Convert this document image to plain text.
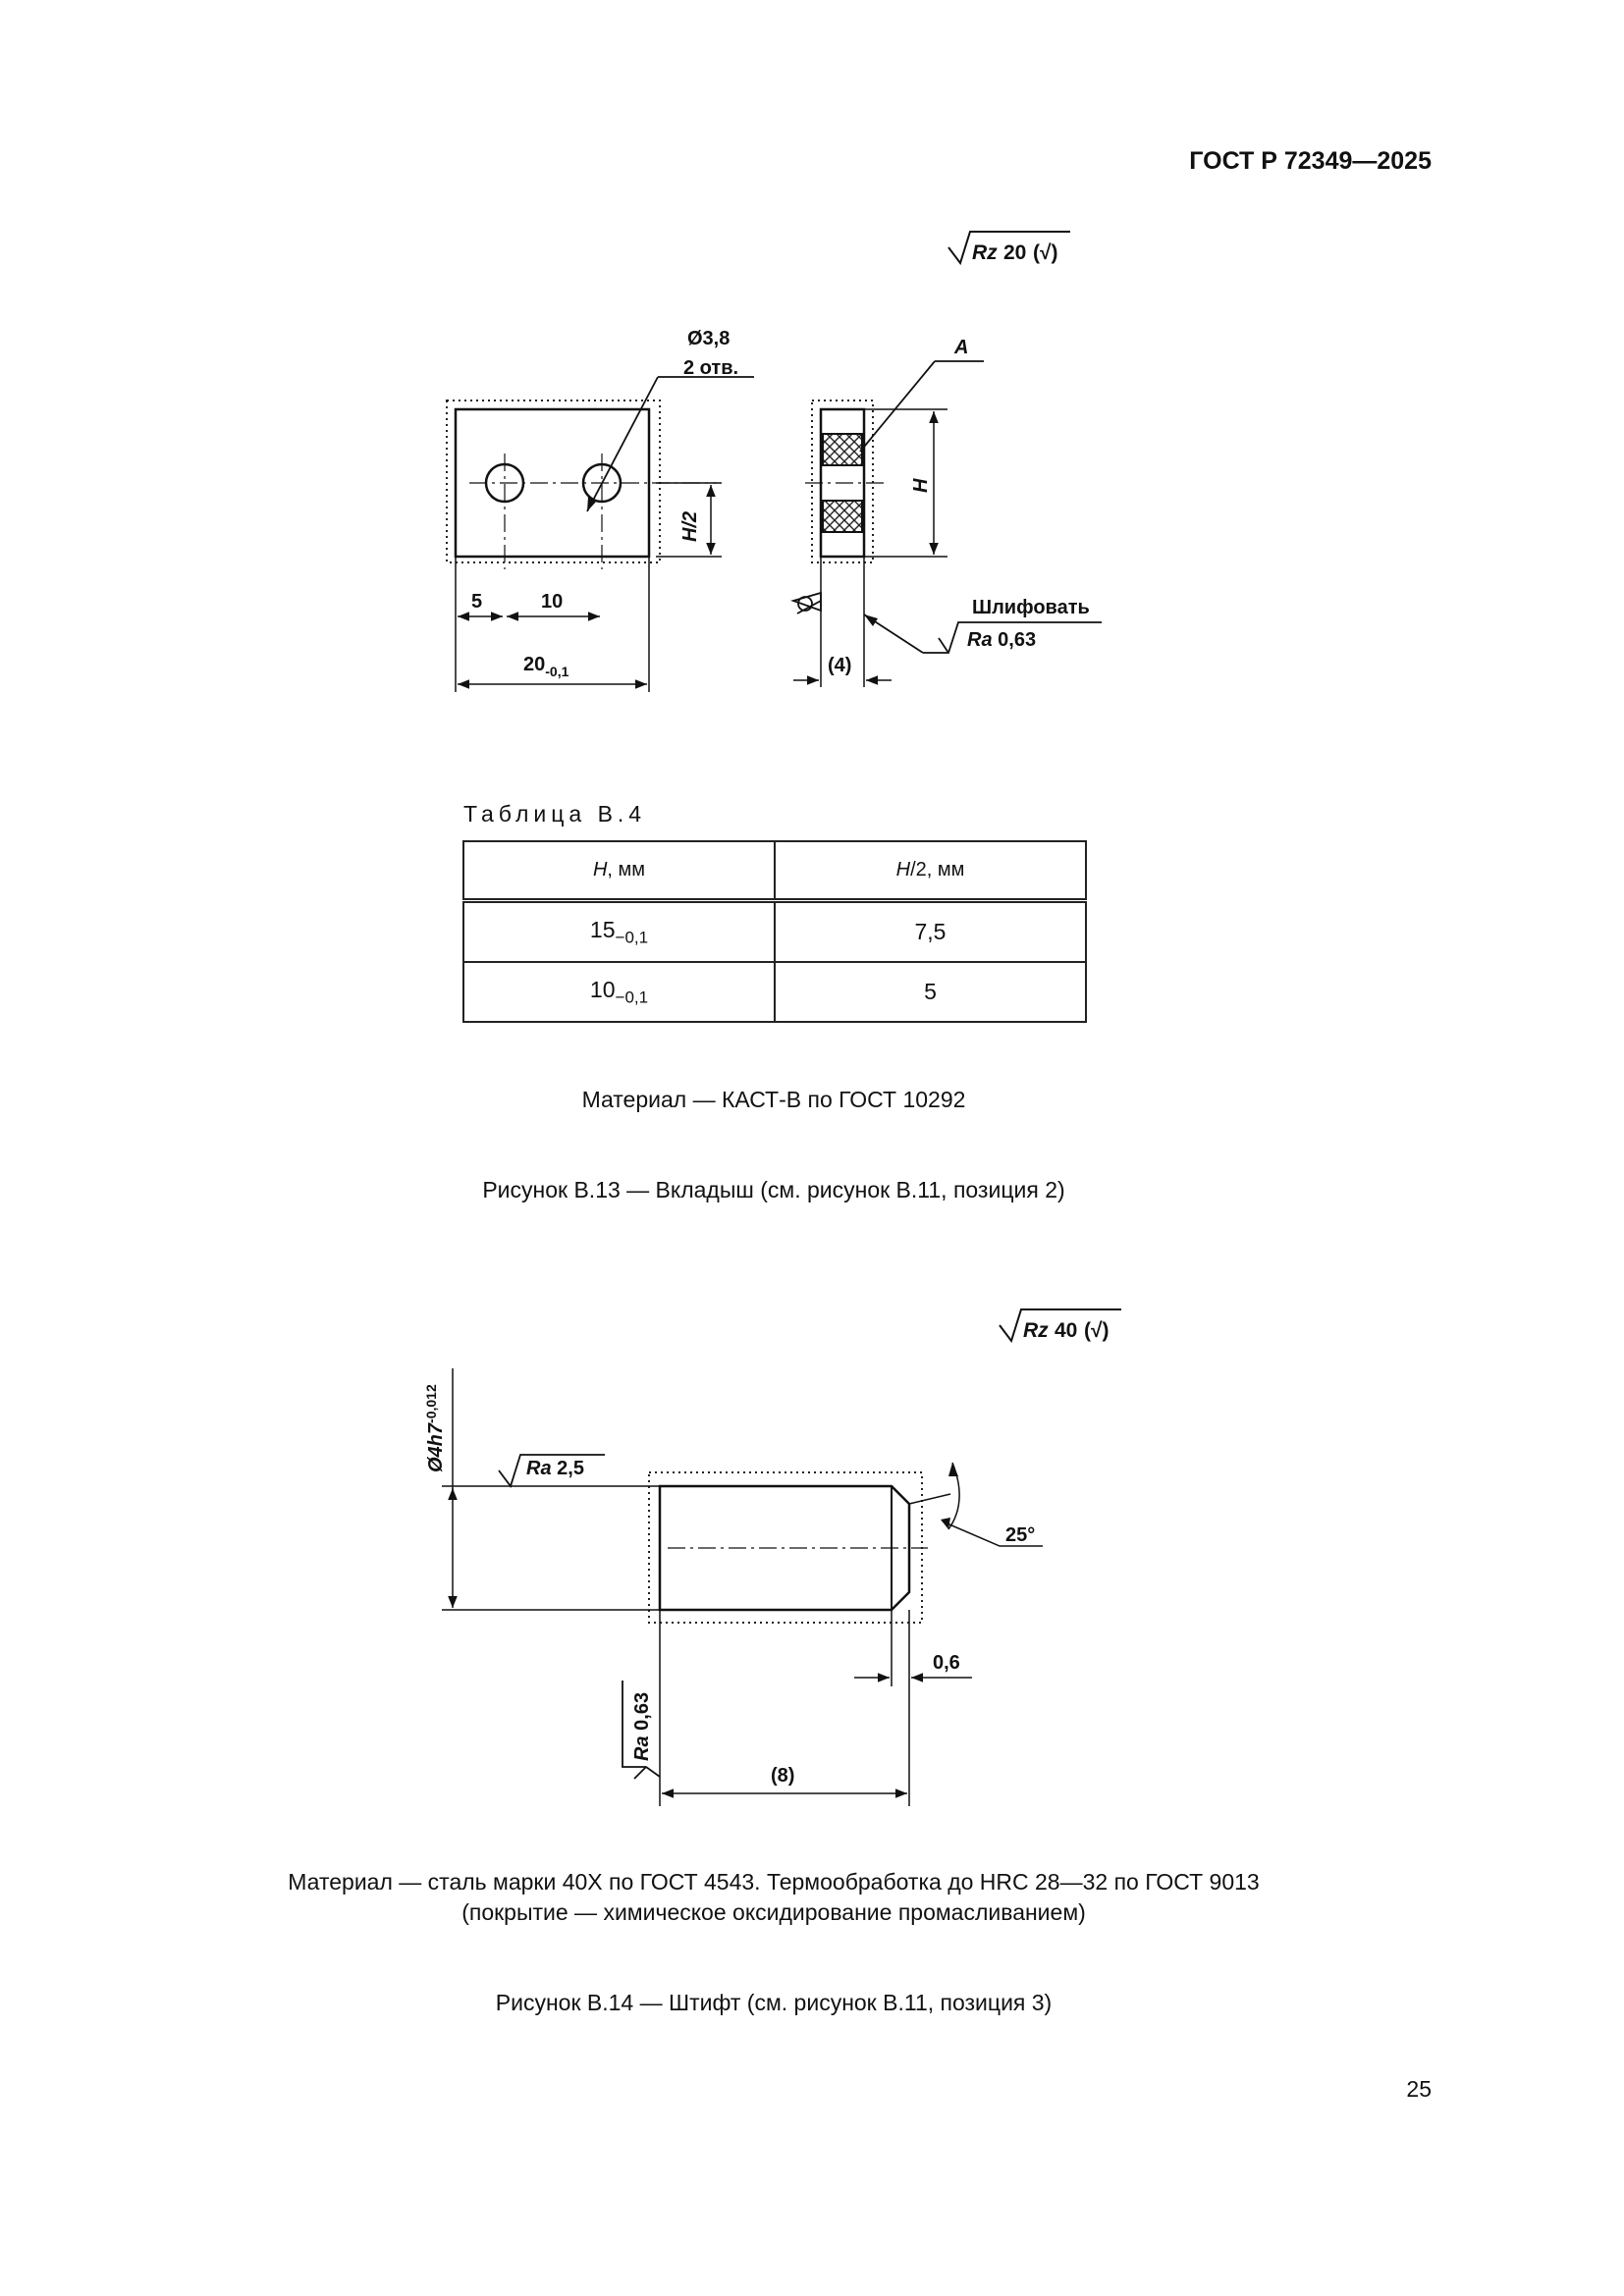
ГОСТ Р 72349—2025
Rz 20 (√)
Ø3,8
2 отв.
H/2
5	10
$20_{-0,1}$
A
H
(4)
Шлифовать
Ra 0,63
Таблица В.4
H, мм	H/2, мм
$15_{-0,1}$	7,5
$10_{-0,1}$	5
Материал — КАСТ-В по ГОСТ 10292
Рисунок В.13 — Вкладыш (см. рисунок В.11, позиция 2)
Rz 40 (√)
$Ø4h7^{-0,012}$
Ra 2,5
25°
0,6
(8)
Ra 0,63
Материал — сталь марки 40Х по ГОСТ 4543. Термообработка до HRC 28—32 по ГОСТ 9013
(покрытие — химическое оксидирование промасливанием)
Рисунок В.14 — Штифт (см. рисунок В.11, позиция 3)
25
